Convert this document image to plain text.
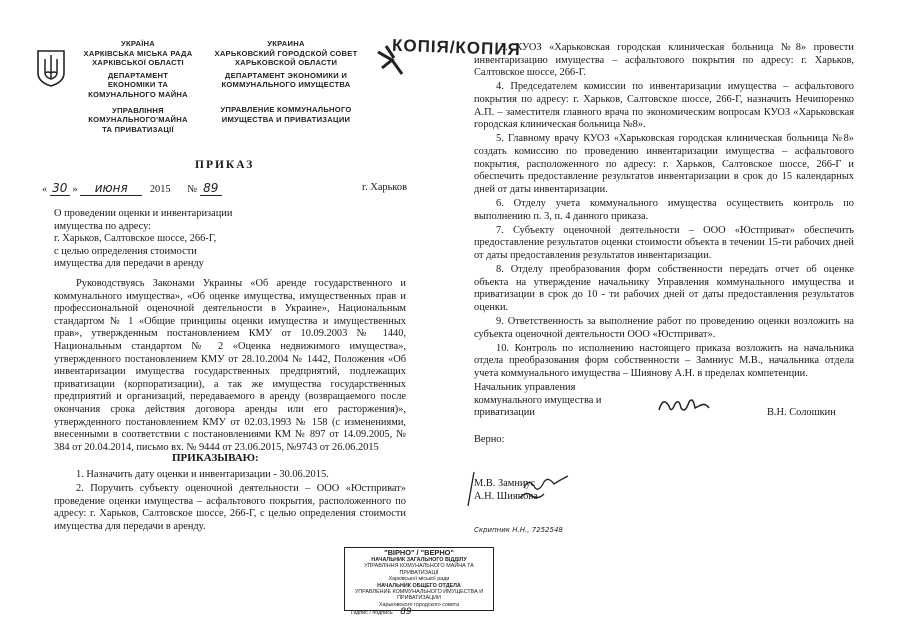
УКРАЇНА
ХАРКІВСЬКА МІСЬКА РАДА
ХАРКІВСЬКОЇ ОБЛАСТІ
ДЕПАРТАМЕНТ
ЕКОНОМІКИ ТА
КОМУНАЛЬНОГО МАЙНА
УПРАВЛІННЯ
КОМУНАЛЬНОГО'МАЙНА
ТА ПРИВАТИЗАЦІЇ
УКРАИНА
ХАРЬКОВСКИЙ ГОРОДСКОЙ СОВЕТ
ХАРЬКОВСКОЙ ОБЛАСТИ
ДЕПАРТАМЕНТ ЭКОНОМИКИ И
КОММУНАЛЬНОГО ИМУЩЕСТВА
УПРАВЛЕНИЕ КОММУНАЛЬНОГО
ИМУЩЕСТВА И ПРИВАТИЗАЦИИ
КОПІЯ/КОПИЯ
ПРИКАЗ
« 30 » июня 2015 № 89	г. Харьков
О проведении оценки и инвентаризации
имущества по адресу:
г. Харьков, Салтовское шоссе, 266-Г,
с целью определения стоимости
имущества для передачи в аренду
Руководствуясь Законами Украины «Об аренде государственного и коммунального имущества», «Об оценке имущества, имущественных прав и профессиональной оценочной деятельности в Украине», Национальным стандартом № 1 «Общие принципы оценки имущества и имущественных прав», утвержденным постановлением КМУ от 10.09.2003 № 1440, Национальным стандартом № 2 «Оценка недвижимого имущества», утвержденного постановлением КМУ от 28.10.2004 № 1442, Положения «Об инвентаризации имущества государственных предприятий, подлежащих приватизации (корпоратизации), а так же имущества государственных предприятий и организаций, передаваемого в аренду (возвращаемого после окончания срока действия договора аренды или его расторжения)», утвержденного постановлением КМУ от 02.03.1993 № 158 (с изменениями, внесенными в соответствии с постановлениями КМ № 897 от 14.09.2005, № 384 от 20.04.2014, письмо вх. № 9444 от 23.06.2015, №9743 от 26.06.2015
ПРИКАЗЫВАЮ:

1. Назначить дату оценки и инвентаризации - 30.06.2015.

2. Поручить субъекту оценочной деятельности – ООО «Юстприват» проведение оценки имущества – асфальтового покрытия, расположенного по адресу: г. Харьков, Салтовское шоссе, 266-Г, с целью определения стоимости имущества для передачи в аренду.

3. КУОЗ «Харьковская городская клиническая больница №8» провести инвентаризацию имущества – асфальтового покрытия по адресу: г. Харьков, Салтовское шоссе, 266-Г.

4. Председателем комиссии по инвентаризации имущества – асфальтового покрытия по адресу: г. Харьков, Салтовское шоссе, 266-Г, назначить Нечипоренко А.П. – заместителя главного врача по экономическим вопросам КУОЗ «Харьковская городская клиническая больница №8».

5. Главному врачу КУОЗ «Харьковская городская клиническая больница №8» создать комиссию по проведению инвентаризации имущества – асфальтового покрытия, расположенного по адресу: г. Харьков, Салтовское шоссе, 266-Г и обеспечить предоставление результатов инвентаризации в срок до 15 календарных дней от даты инвентаризации.

6. Отделу учета коммунального имущества осуществить контроль по выполнению п. 3, п. 4 данного приказа.

7. Субъекту оценочной деятельности – ООО «Юстприват» обеспечить предоставление результатов оценки стоимости объекта в течении 15-ти рабочих дней от даты предоставления результатов инвентаризации.

8. Отделу преобразования форм собственности передать отчет об оценке объекта на утверждение начальнику Управления коммунального имущества и приватизации в срок до 10 - ти рабочих дней от даты предоставления результатов оценки.

9. Ответственность за выполнение работ по проведению оценки возложить на субъекта оценочной деятельности ООО «Юстприват».

10. Контроль по исполнению настоящего приказа возложить на начальника отдела преобразования форм собственности – Замниус М.В., начальника отдела учета коммунального имущества – Шиянову А.Н. в пределах компетенции.

Начальник управления
коммунального имущества и
приватизации	В.Н. Солошкин
Верно:
М.В. Замниус
А.Н. Шиянова
Скрипник Н.Н., 7252548
"ВІРНО" / "ВЕРНО"
НАЧАЛЬНИК ЗАГАЛЬНОГО ВІДДІЛУ
УПРАВЛІННЯ КОМУНАЛЬНОГО МАЙНА ТА ПРИВАТИЗАЦІЇ
Харківської міської ради
НАЧАЛЬНИК ОБЩЕГО ОТДЕЛА
УПРАВЛЕНИЕ КОММУНАЛЬНОГО ИМУЩЕСТВА И ПРИВАТИЗАЦИИ
Харьковского городского совета
Підпис / подпись 89
